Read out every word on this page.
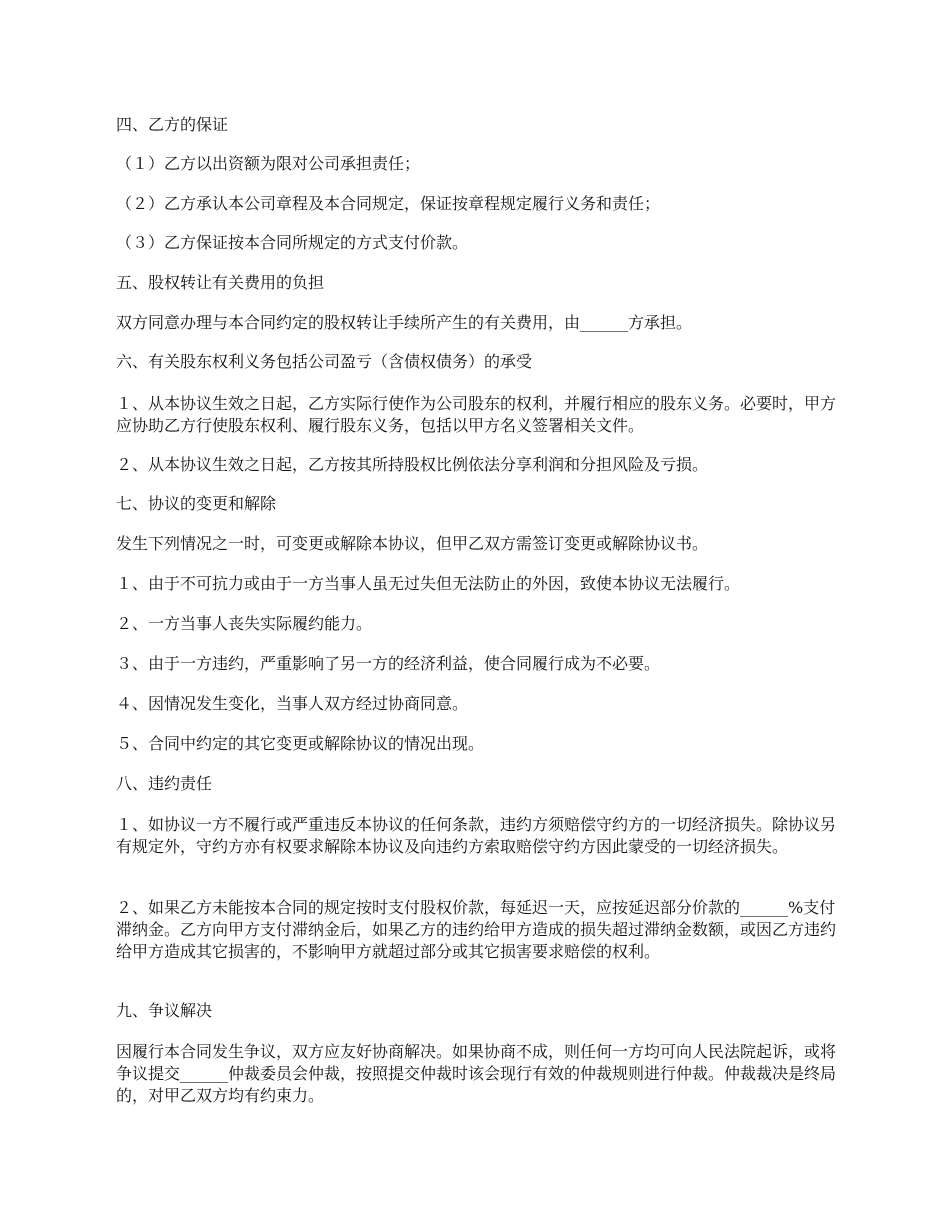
四、乙方的保证

（１）乙方以出资额为限对公司承担责任；

（２）乙方承认本公司章程及本合同规定，保证按章程规定履行义务和责任；

（３）乙方保证按本合同所规定的方式支付价款。

五、股权转让有关费用的负担

双方同意办理与本合同约定的股权转让手续所产生的有关费用，由______方承担。

六、有关股东权利义务包括公司盈亏（含债权债务）的承受

１、从本协议生效之日起，乙方实际行使作为公司股东的权利，并履行相应的股东义务。必要时，甲方应协助乙方行使股东权利、履行股东义务，包括以甲方名义签署相关文件。

２、从本协议生效之日起，乙方按其所持股权比例依法分享利润和分担风险及亏损。

七、协议的变更和解除

发生下列情况之一时，可变更或解除本协议，但甲乙双方需签订变更或解除协议书。

１、由于不可抗力或由于一方当事人虽无过失但无法防止的外因，致使本协议无法履行。

２、一方当事人丧失实际履约能力。

３、由于一方违约，严重影响了另一方的经济利益，使合同履行成为不必要。

４、因情况发生变化，当事人双方经过协商同意。

５、合同中约定的其它变更或解除协议的情况出现。

八、违约责任

１、如协议一方不履行或严重违反本协议的任何条款，违约方须赔偿守约方的一切经济损失。除协议另有规定外，守约方亦有权要求解除本协议及向违约方索取赔偿守约方因此蒙受的一切经济损失。

２、如果乙方未能按本合同的规定按时支付股权价款，每延迟一天，应按延迟部分价款的______%支付滞纳金。乙方向甲方支付滞纳金后，如果乙方的违约给甲方造成的损失超过滞纳金数额，或因乙方违约给甲方造成其它损害的，不影响甲方就超过部分或其它损害要求赔偿的权利。

九、争议解决

因履行本合同发生争议，双方应友好协商解决。如果协商不成，则任何一方均可向人民法院起诉，或将争议提交______仲裁委员会仲裁，按照提交仲裁时该会现行有效的仲裁规则进行仲裁。仲裁裁决是终局的，对甲乙双方均有约束力。
